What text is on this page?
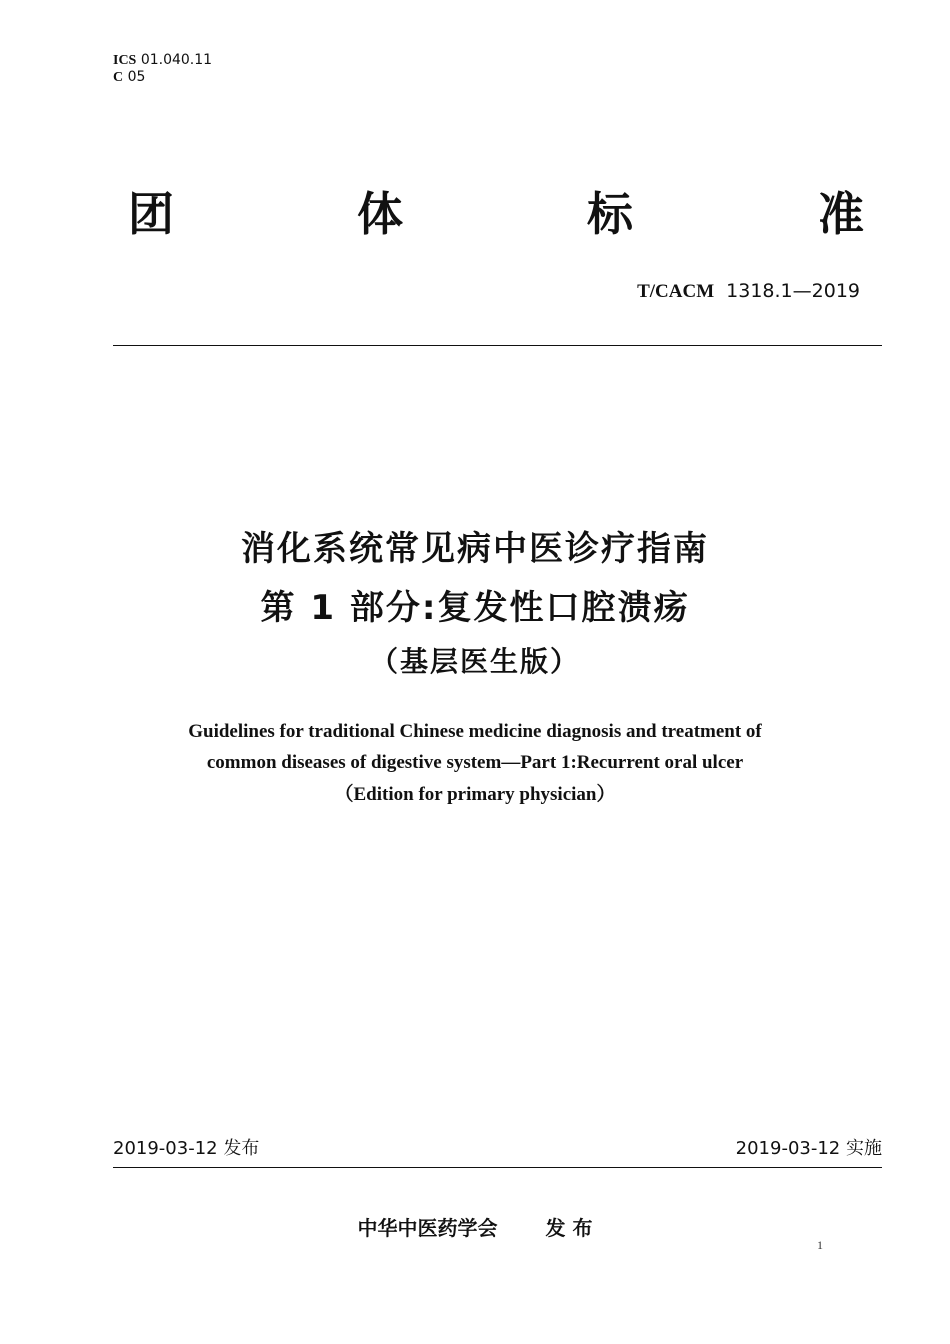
ICS 01.040.11
C 05
团	体	标	准
T/CACM 1318.1—2019
消化系统常见病中医诊疗指南
第 1 部分:复发性口腔溃疡
（基层医生版）
Guidelines for traditional Chinese medicine diagnosis and treatment of
common diseases of digestive system—Part 1:Recurrent oral ulcer
（Edition for primary physician）
2019-03-12 发布	2019-03-12 实施
中华中医药学会 发 布
1
